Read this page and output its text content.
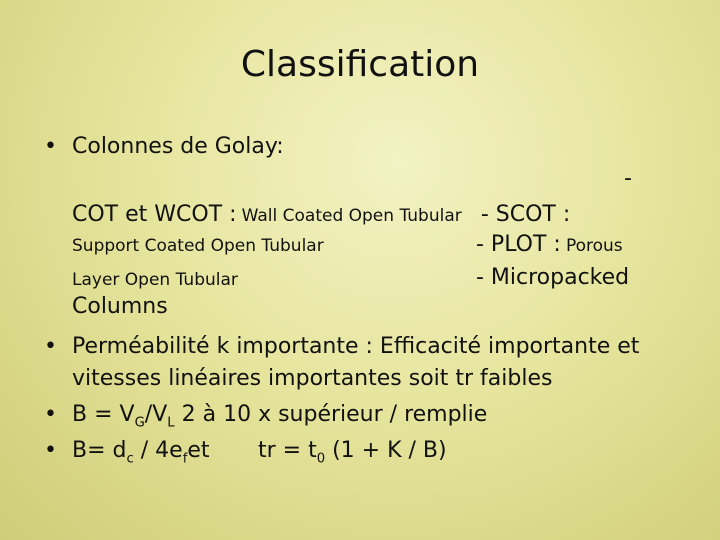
Classification
• Colonnes de Golay:
-
COT et WCOT : Wall Coated Open Tubular - SCOT :
Support Coated Open Tubular	- PLOT : Porous
Layer Open Tubular	- Micropacked
Columns
• Perméabilité k importante : Efficacité importante et
vitesses linéaires importantes soit tr faibles
• $B = V_G/V_L$ 2 à 10 x supérieur / remplie
• $B= d_c / 4e_fet$ tr = $t_0$ (1 + K / B)
